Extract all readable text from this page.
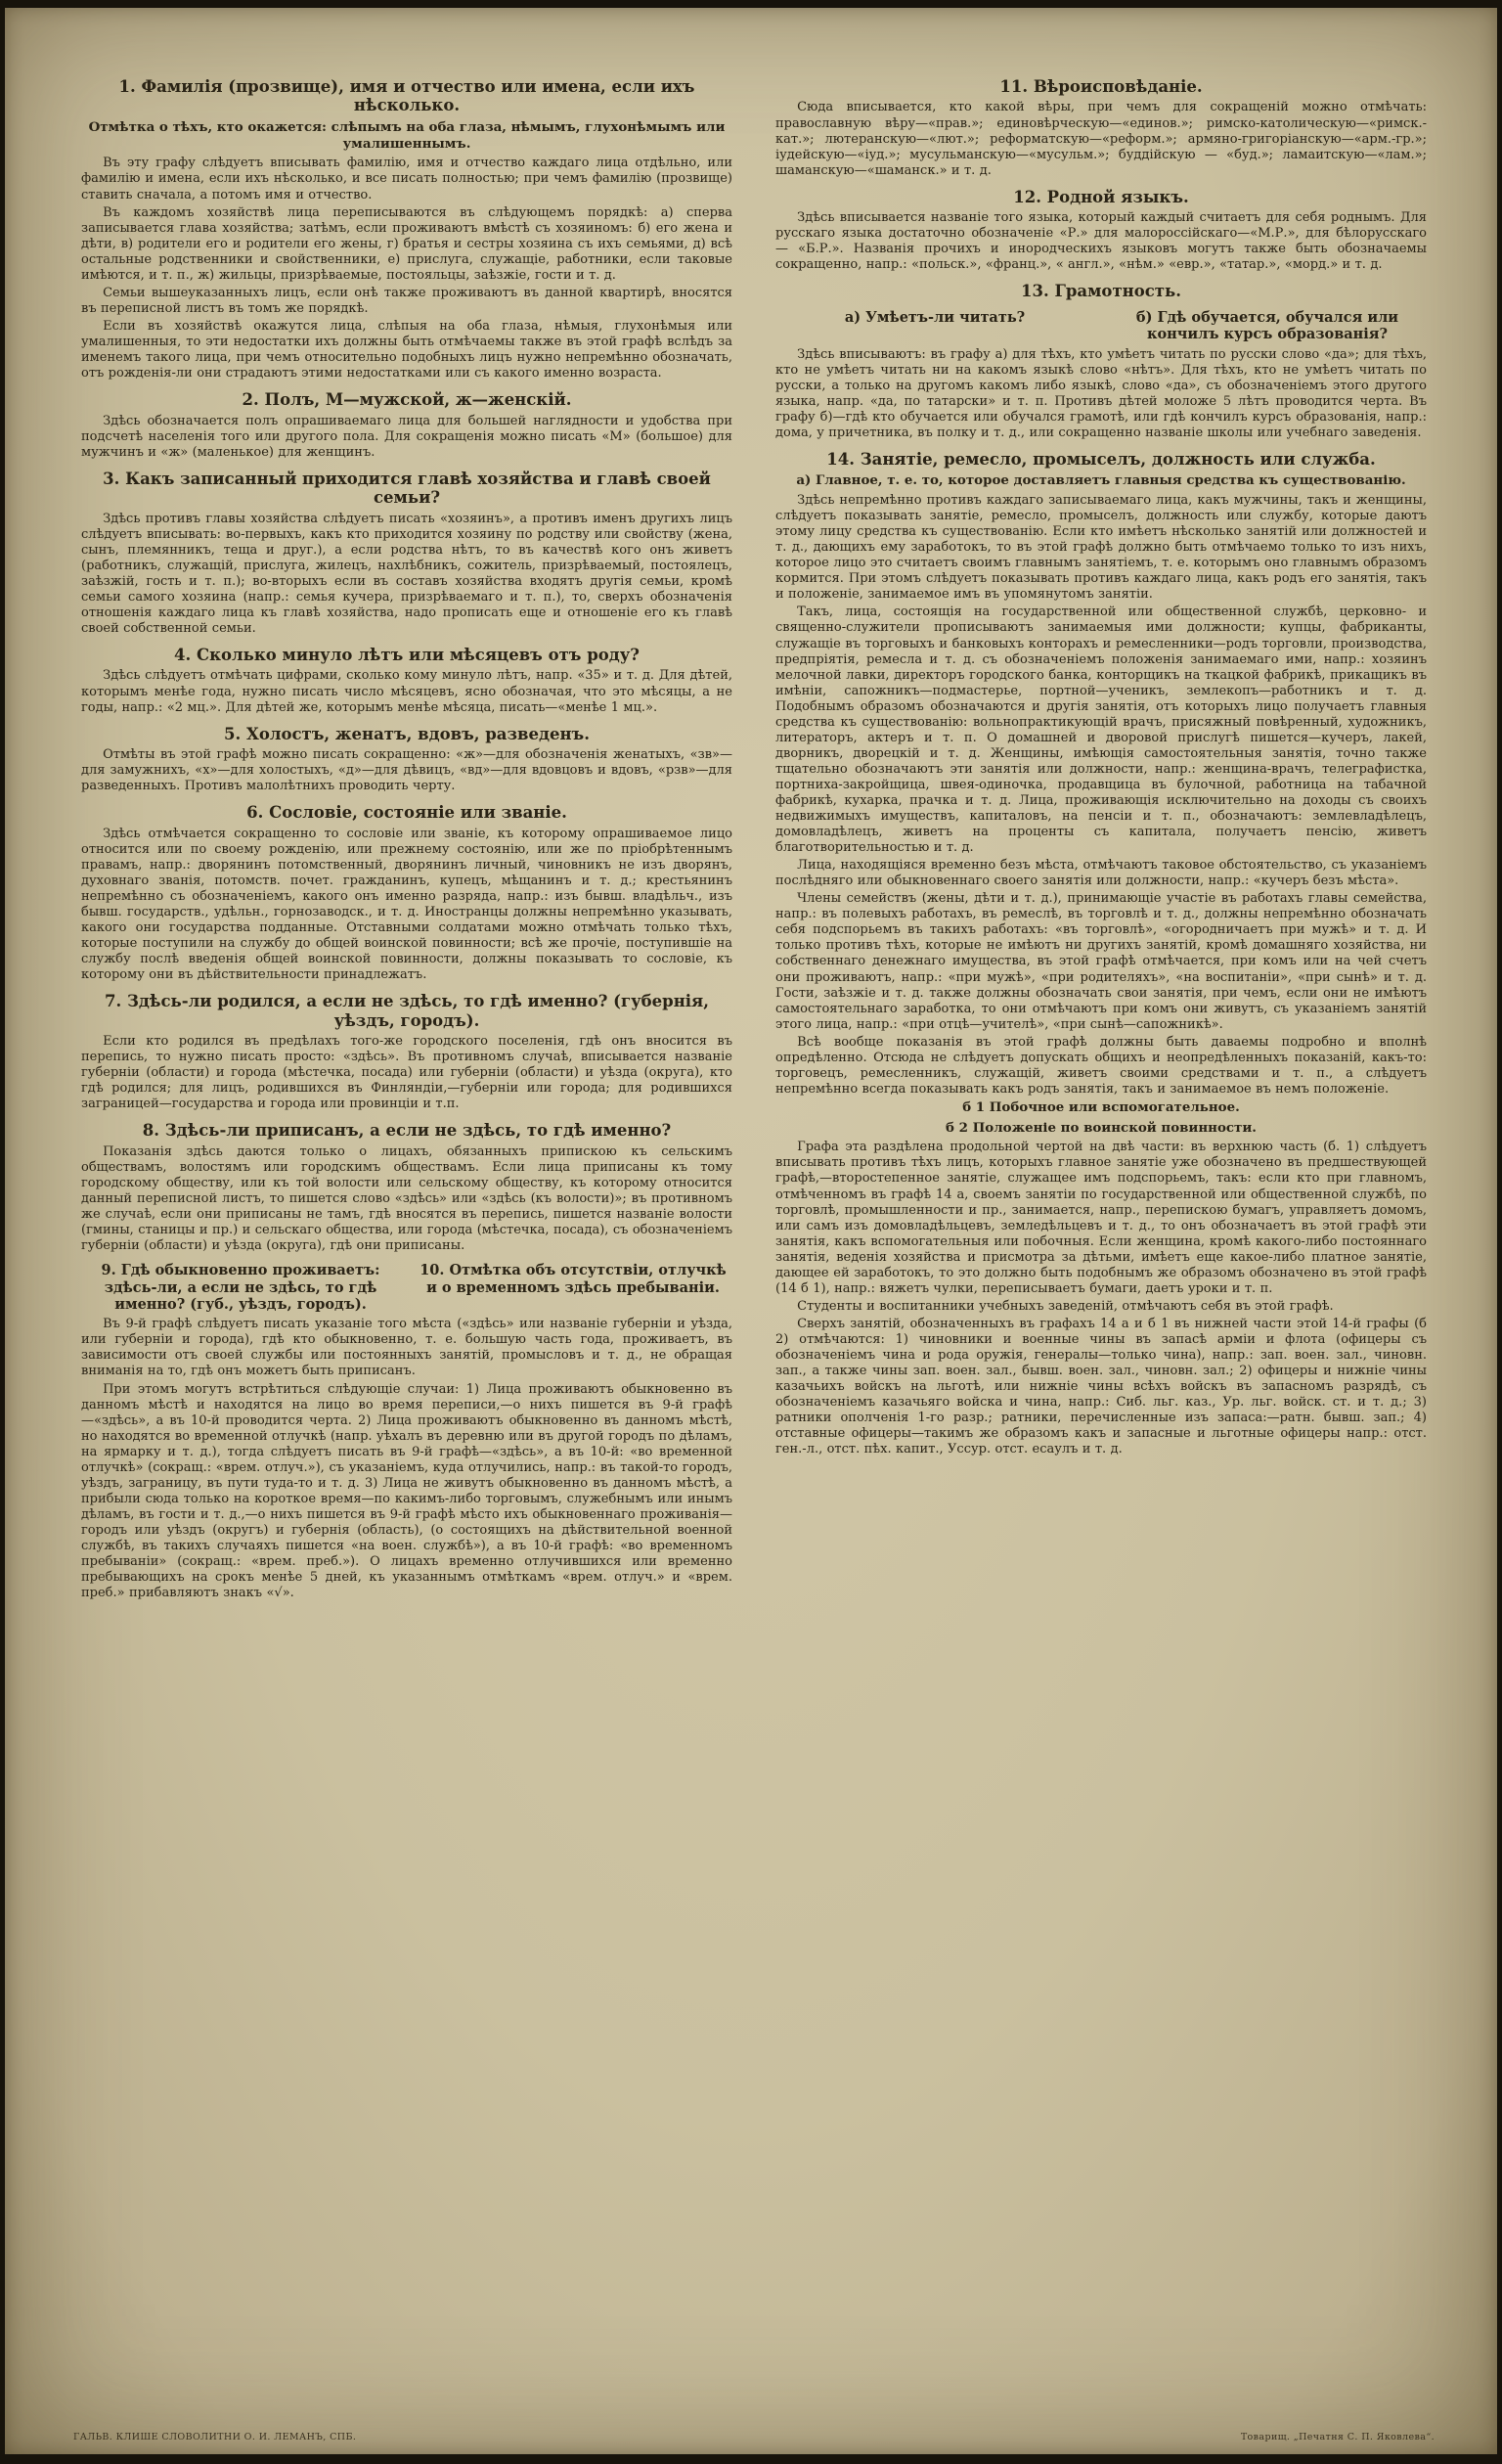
1. Фамилія (прозвище), имя и отчество или имена, если ихъ нѣсколько.

Отмѣтка о тѣхъ, кто окажется: слѣпымъ на оба глаза, нѣмымъ, глухонѣмымъ или умалишеннымъ.

Въ эту графу слѣдуетъ вписывать фамилію, имя и отчество каждаго лица отдѣльно, или фамилію и имена, если ихъ нѣсколько, и все писать полностью; при чемъ фамилію (прозвище) ставить сначала, а потомъ имя и отчество.

Въ каждомъ хозяйствѣ лица переписываются въ слѣдующемъ порядкѣ: а) сперва записывается глава хозяйства; затѣмъ, если проживаютъ вмѣстѣ съ хозяиномъ: б) его жена и дѣти, в) родители его и родители его жены, г) братья и сестры хозяина съ ихъ семьями, д) всѣ остальные родственники и свойственники, е) прислуга, служащіе, работники, если таковые имѣются, и т. п., ж) жильцы, призрѣваемые, постояльцы, заѣзжіе, гости и т. д.

Семьи вышеуказанныхъ лицъ, если онѣ также проживаютъ въ данной квартирѣ, вносятся въ переписной листъ въ томъ же порядкѣ.

Если въ хозяйствѣ окажутся лица, слѣпыя на оба глаза, нѣмыя, глухонѣмыя или умалишенныя, то эти недостатки ихъ должны быть отмѣчаемы также въ этой графѣ вслѣдъ за именемъ такого лица, при чемъ относительно подобныхъ лицъ нужно непремѣнно обозначать, отъ рожденія-ли они страдаютъ этими недостатками или съ какого именно возраста.

2. Полъ, М—мужской, ж—женскій.

Здѣсь обозначается полъ опрашиваемаго лица для большей наглядности и удобства при подсчетѣ населенія того или другого пола. Для сокращенія можно писать «М» (большое) для мужчинъ и «ж» (маленькое) для женщинъ.

3. Какъ записанный приходится главѣ хозяйства и главѣ своей семьи?

Здѣсь противъ главы хозяйства слѣдуетъ писать «хозяинъ», а противъ именъ другихъ лицъ слѣдуетъ вписывать: во-первыхъ, какъ кто приходится хозяину по родству или свойству (жена, сынъ, племянникъ, теща и друг.), а если родства нѣтъ, то въ качествѣ кого онъ живетъ (работникъ, служащій, прислуга, жилецъ, нахлѣбникъ, сожитель, призрѣваемый, постоялецъ, заѣзжій, гость и т. п.); во-вторыхъ если въ составъ хозяйства входятъ другія семьи, кромѣ семьи самого хозяина (напр.: семья кучера, призрѣваемаго и т. п.), то, сверхъ обозначенія отношенія каждаго лица къ главѣ хозяйства, надо прописать еще и отношеніе его къ главѣ своей собственной семьи.

4. Сколько минуло лѣтъ или мѣсяцевъ отъ роду?

Здѣсь слѣдуетъ отмѣчать цифрами, сколько кому минуло лѣтъ, напр. «35» и т. д. Для дѣтей, которымъ менѣе года, нужно писать число мѣсяцевъ, ясно обозначая, что это мѣсяцы, а не годы, напр.: «2 мц.». Для дѣтей же, которымъ менѣе мѣсяца, писать—«менѣе 1 мц.».

5. Холостъ, женатъ, вдовъ, разведенъ.

Отмѣты въ этой графѣ можно писать сокращенно: «ж»—для обозначенія женатыхъ, «зв»—для замужнихъ, «х»—для холостыхъ, «д»—для дѣвицъ, «вд»—для вдовцовъ и вдовъ, «рзв»—для разведенныхъ. Противъ малолѣтнихъ проводить черту.

6. Сословіе, состояніе или званіе.

Здѣсь отмѣчается сокращенно то сословіе или званіе, къ которому опрашиваемое лицо относится или по своему рожденію, или прежнему состоянію, или же по пріобрѣтеннымъ правамъ, напр.: дворянинъ потомственный, дворянинъ личный, чиновникъ не изъ дворянъ, духовнаго званія, потомств. почет. гражданинъ, купецъ, мѣщанинъ и т. д.; крестьянинъ непремѣнно съ обозначеніемъ, какого онъ именно разряда, напр.: изъ бывш. владѣльч., изъ бывш. государств., удѣльн., горнозаводск., и т. д. Иностранцы должны непремѣнно указывать, какого они государства подданные. Отставными солдатами можно отмѣчать только тѣхъ, которые поступили на службу до общей воинской повинности; всѣ же прочіе, поступившіе на службу послѣ введенія общей воинской повинности, должны показывать то сословіе, къ которому они въ дѣйствительности принадлежатъ.

7. Здѣсь-ли родился, а если не здѣсь, то гдѣ именно? (губернія, уѣздъ, городъ).

Если кто родился въ предѣлахъ того-же городского поселенія, гдѣ онъ вносится въ перепись, то нужно писать просто: «здѣсь». Въ противномъ случаѣ, вписывается названіе губерніи (области) и города (мѣстечка, посада) или губерніи (области) и уѣзда (округа), кто гдѣ родился; для лицъ, родившихся въ Финляндіи,—губерніи или города; для родившихся заграницей—государства и города или провинціи и т.п.

8. Здѣсь-ли приписанъ, а если не здѣсь, то гдѣ именно?

Показанія здѣсь даются только о лицахъ, обязанныхъ припискою къ сельскимъ обществамъ, волостямъ или городскимъ обществамъ. Если лица приписаны къ тому городскому обществу, или къ той волости или сельскому обществу, къ которому относится данный переписной листъ, то пишется слово «здѣсь» или «здѣсь (къ волости)»; въ противномъ же случаѣ, если они приписаны не тамъ, гдѣ вносятся въ перепись, пишется названіе волости (гмины, станицы и пр.) и сельскаго общества, или города (мѣстечка, посада), съ обозначеніемъ губерніи (области) и уѣзда (округа), гдѣ они приписаны.

9. Гдѣ обыкновенно проживаетъ: здѣсь-ли, а если не здѣсь, то гдѣ именно? (губ., уѣздъ, городъ).
10. Отмѣтка объ отсутствіи, отлучкѣ и о временномъ здѣсь пребываніи.

Въ 9-й графѣ слѣдуетъ писать указаніе того мѣста («здѣсь» или названіе губерніи и уѣзда, или губерніи и города), гдѣ кто обыкновенно, т. е. большую часть года, проживаетъ, въ зависимости отъ своей службы или постоянныхъ занятій, промысловъ и т. д., не обращая вниманія на то, гдѣ онъ можетъ быть приписанъ.

При этомъ могутъ встрѣтиться слѣдующіе случаи: 1) Лица проживаютъ обыкновенно въ данномъ мѣстѣ и находятся на лицо во время переписи,—о нихъ пишется въ 9-й графѣ—«здѣсь», а въ 10-й проводится черта. 2) Лица проживаютъ обыкновенно въ данномъ мѣстѣ, но находятся во временной отлучкѣ (напр. уѣхалъ въ деревню или въ другой городъ по дѣламъ, на ярмарку и т. д.), тогда слѣдуетъ писать въ 9-й графѣ—«здѣсь», а въ 10-й: «во временной отлучкѣ» (сокращ.: «врем. отлуч.»), съ указаніемъ, куда отлучились, напр.: въ такой-то городъ, уѣздъ, заграницу, въ пути туда-то и т. д. 3) Лица не живутъ обыкновенно въ данномъ мѣстѣ, а прибыли сюда только на короткое время—по какимъ-либо торговымъ, служебнымъ или инымъ дѣламъ, въ гости и т. д.,—о нихъ пишется въ 9-й графѣ мѣсто ихъ обыкновеннаго проживанія—городъ или уѣздъ (округъ) и губернія (область), (о состоящихъ на дѣйствительной военной службѣ, въ такихъ случаяхъ пишется «на воен. службѣ»), а въ 10-й графѣ: «во временномъ пребываніи» (сокращ.: «врем. преб.»). О лицахъ временно отлучившихся или временно пребывающихъ на срокъ менѣе 5 дней, къ указаннымъ отмѣткамъ «врем. отлуч.» и «врем. преб.» прибавляютъ знакъ «√».

11. Вѣроисповѣданіе.

Сюда вписывается, кто какой вѣры, при чемъ для сокращеній можно отмѣчать: православную вѣру—«прав.»; единовѣрческую—«единов.»; римско-католическую—«римск.-кат.»; лютеранскую—«лют.»; реформатскую—«реформ.»; армяно-григоріанскую—«арм.-гр.»; іудейскую—«іуд.»; мусульманскую—«мусульм.»; буддійскую — «буд.»; ламаитскую—«лам.»; шаманскую—«шаманск.» и т. д.

12. Родной языкъ.

Здѣсь вписывается названіе того языка, который каждый считаетъ для себя роднымъ. Для русскаго языка достаточно обозначеніе «Р.» для малороссійскаго—«М.Р.», для бѣлорусскаго — «Б.Р.». Названія прочихъ и инородческихъ языковъ могутъ также быть обозначаемы сокращенно, напр.: «польск.», «франц.», « англ.», «нѣм.» «евр.», «татар.», «морд.» и т. д.

13. Грамотность.
а) Умѣетъ-ли читать?	б) Гдѣ обучается, обучался или кончилъ курсъ образованія?

Здѣсь вписываютъ: въ графу а) для тѣхъ, кто умѣетъ читать по русски слово «да»; для тѣхъ, кто не умѣетъ читать ни на какомъ языкѣ слово «нѣтъ». Для тѣхъ, кто не умѣетъ читать по русски, а только на другомъ какомъ либо языкѣ, слово «да», съ обозначеніемъ этого другого языка, напр. «да, по татарски» и т. п. Противъ дѣтей моложе 5 лѣтъ проводится черта. Въ графу б)—гдѣ кто обучается или обучался грамотѣ, или гдѣ кончилъ курсъ образованія, напр.: дома, у причетника, въ полку и т. д., или сокращенно названіе школы или учебнаго заведенія.

14. Занятіе, ремесло, промыселъ, должность или служба.

а) Главное, т. е. то, которое доставляетъ главныя средства къ существованію.

Здѣсь непремѣнно противъ каждаго записываемаго лица, какъ мужчины, такъ и женщины, слѣдуетъ показывать занятіе, ремесло, промыселъ, должность или службу, которые даютъ этому лицу средства къ существованію. Если кто имѣетъ нѣсколько занятій или должностей и т. д., дающихъ ему заработокъ, то въ этой графѣ должно быть отмѣчаемо только то изъ нихъ, которое лицо это считаетъ своимъ главнымъ занятіемъ, т. е. которымъ оно главнымъ образомъ кормится. При этомъ слѣдуетъ показывать противъ каждаго лица, какъ родъ его занятія, такъ и положеніе, занимаемое имъ въ упомянутомъ занятіи.

Такъ, лица, состоящія на государственной или общественной службѣ, церковно- и священно-служители прописываютъ занимаемыя ими должности; купцы, фабриканты, служащіе въ торговыхъ и банковыхъ конторахъ и ремесленники—родъ торговли, производства, предпріятія, ремесла и т. д. съ обозначеніемъ положенія занимаемаго ими, напр.: хозяинъ мелочной лавки, директоръ городского банка, конторщикъ на ткацкой фабрикѣ, прикащикъ въ имѣніи, сапожникъ—подмастерье, портной—ученикъ, землекопъ—работникъ и т. д. Подобнымъ образомъ обозначаются и другія занятія, отъ которыхъ лицо получаетъ главныя средства къ существованію: вольнопрактикующій врачъ, присяжный повѣренный, художникъ, литераторъ, актеръ и т. п. О домашней и дворовой прислугѣ пишется—кучеръ, лакей, дворникъ, дворецкій и т. д. Женщины, имѣющія самостоятельныя занятія, точно также тщательно обозначаютъ эти занятія или должности, напр.: женщина-врачъ, телеграфистка, портниха-закройщица, швея-одиночка, продавщица въ булочной, работница на табачной фабрикѣ, кухарка, прачка и т. д. Лица, проживающія исключительно на доходы съ своихъ недвижимыхъ имуществъ, капиталовъ, на пенсіи и т. п., обозначаютъ: землевладѣлецъ, домовладѣлецъ, живетъ на проценты съ капитала, получаетъ пенсію, живетъ благотворительностью и т. д.

Лица, находящіяся временно безъ мѣста, отмѣчаютъ таковое обстоятельство, съ указаніемъ послѣдняго или обыкновеннаго своего занятія или должности, напр.: «кучеръ безъ мѣста».

Члены семействъ (жены, дѣти и т. д.), принимающіе участіе въ работахъ главы семейства, напр.: въ полевыхъ работахъ, въ ремеслѣ, въ торговлѣ и т. д., должны непремѣнно обозначать себя подспорьемъ въ такихъ работахъ: «въ торговлѣ», «огородничаетъ при мужѣ» и т. д. И только противъ тѣхъ, которые не имѣютъ ни другихъ занятій, кромѣ домашняго хозяйства, ни собственнаго денежнаго имущества, въ этой графѣ отмѣчается, при комъ или на чей счетъ они проживаютъ, напр.: «при мужѣ», «при родителяхъ», «на воспитаніи», «при сынѣ» и т. д. Гости, заѣзжіе и т. д. также должны обозначать свои занятія, при чемъ, если они не имѣютъ самостоятельнаго заработка, то они отмѣчаютъ при комъ они живутъ, съ указаніемъ занятій этого лица, напр.: «при отцѣ—учителѣ», «при сынѣ—сапожникѣ».

Всѣ вообще показанія въ этой графѣ должны быть даваемы подробно и вполнѣ опредѣленно. Отсюда не слѣдуетъ допускать общихъ и неопредѣленныхъ показаній, какъ-то: торговецъ, ремесленникъ, служащій, живетъ своими средствами и т. п., а слѣдуетъ непремѣнно всегда показывать какъ родъ занятія, такъ и занимаемое въ немъ положеніе.

б 1 Побочное или вспомогательное.

б 2 Положеніе по воинской повинности.

Графа эта раздѣлена продольной чертой на двѣ части: въ верхнюю часть (б. 1) слѣдуетъ вписывать противъ тѣхъ лицъ, которыхъ главное занятіе уже обозначено въ предшествующей графѣ,—второстепенное занятіе, служащее имъ подспорьемъ, такъ: если кто при главномъ, отмѣченномъ въ графѣ 14 а, своемъ занятіи по государственной или общественной службѣ, по торговлѣ, промышленности и пр., занимается, напр., перепискою бумагъ, управляетъ домомъ, или самъ изъ домовладѣльцевъ, земледѣльцевъ и т. д., то онъ обозначаетъ въ этой графѣ эти занятія, какъ вспомогательныя или побочныя. Если женщина, кромѣ какого-либо постояннаго занятія, веденія хозяйства и присмотра за дѣтьми, имѣетъ еще какое-либо платное занятіе, дающее ей заработокъ, то это должно быть подобнымъ же образомъ обозначено въ этой графѣ (14 б 1), напр.: вяжетъ чулки, переписываетъ бумаги, даетъ уроки и т. п.

Студенты и воспитанники учебныхъ заведеній, отмѣчаютъ себя въ этой графѣ.

Сверхъ занятій, обозначенныхъ въ графахъ 14 а и б 1 въ нижней части этой 14-й графы (б 2) отмѣчаются: 1) чиновники и военные чины въ запасѣ арміи и флота (офицеры съ обозначеніемъ чина и рода оружія, генералы—только чина), напр.: зап. воен. зал., чиновн. зап., а также чины зап. воен. зал., бывш. воен. зал., чиновн. зал.; 2) офицеры и нижніе чины казачьихъ войскъ на льготѣ, или нижніе чины всѣхъ войскъ въ запасномъ разрядѣ, съ обозначеніемъ казачьяго войска и чина, напр.: Сиб. льг. каз., Ур. льг. войск. ст. и т. д.; 3) ратники ополченія 1-го разр.; ратники, перечисленные изъ запаса:—ратн. бывш. зап.; 4) отставные офицеры—такимъ же образомъ какъ и запасные и льготные офицеры напр.: отст. ген.-л., отст. пѣх. капит., Уссур. отст. есаулъ и т. д.

ГАЛЬВ. КЛИШЕ СЛОВОЛИТНИ О. И. ЛЕМАНЪ, СПБ.	Товарищ. „Печатня С. П. Яковлева“.
